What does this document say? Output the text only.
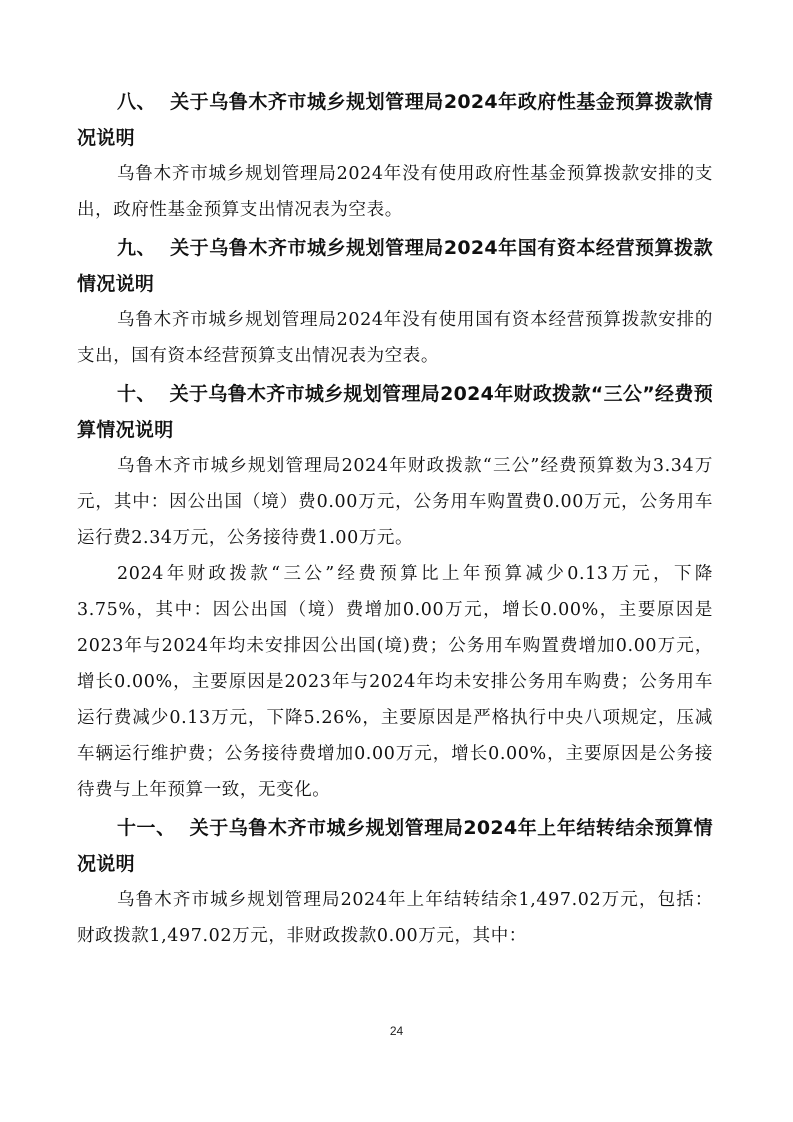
八、 关于乌鲁木齐市城乡规划管理局2024年政府性基金预算拨款情况说明

乌鲁木齐市城乡规划管理局2024年没有使用政府性基金预算拨款安排的支出，政府性基金预算支出情况表为空表。

九、 关于乌鲁木齐市城乡规划管理局2024年国有资本经营预算拨款情况说明

乌鲁木齐市城乡规划管理局2024年没有使用国有资本经营预算拨款安排的支出，国有资本经营预算支出情况表为空表。

十、 关于乌鲁木齐市城乡规划管理局2024年财政拨款“三公”经费预算情况说明

乌鲁木齐市城乡规划管理局2024年财政拨款“三公”经费预算数为3.34万元，其中：因公出国（境）费0.00万元，公务用车购置费0.00万元，公务用车运行费2.34万元，公务接待费1.00万元。

2024年财政拨款“三公”经费预算比上年预算减少0.13万元，下降3.75%，其中：因公出国（境）费增加0.00万元，增长0.00%，主要原因是2023年与2024年均未安排因公出国(境)费；公务用车购置费增加0.00万元，增长0.00%，主要原因是2023年与2024年均未安排公务用车购费；公务用车运行费减少0.13万元，下降5.26%，主要原因是严格执行中央八项规定，压减车辆运行维护费；公务接待费增加0.00万元，增长0.00%，主要原因是公务接待费与上年预算一致，无变化。

十一、 关于乌鲁木齐市城乡规划管理局2024年上年结转结余预算情况说明

乌鲁木齐市城乡规划管理局2024年上年结转结余1,497.02万元，包括：财政拨款1,497.02万元，非财政拨款0.00万元，其中：

24
